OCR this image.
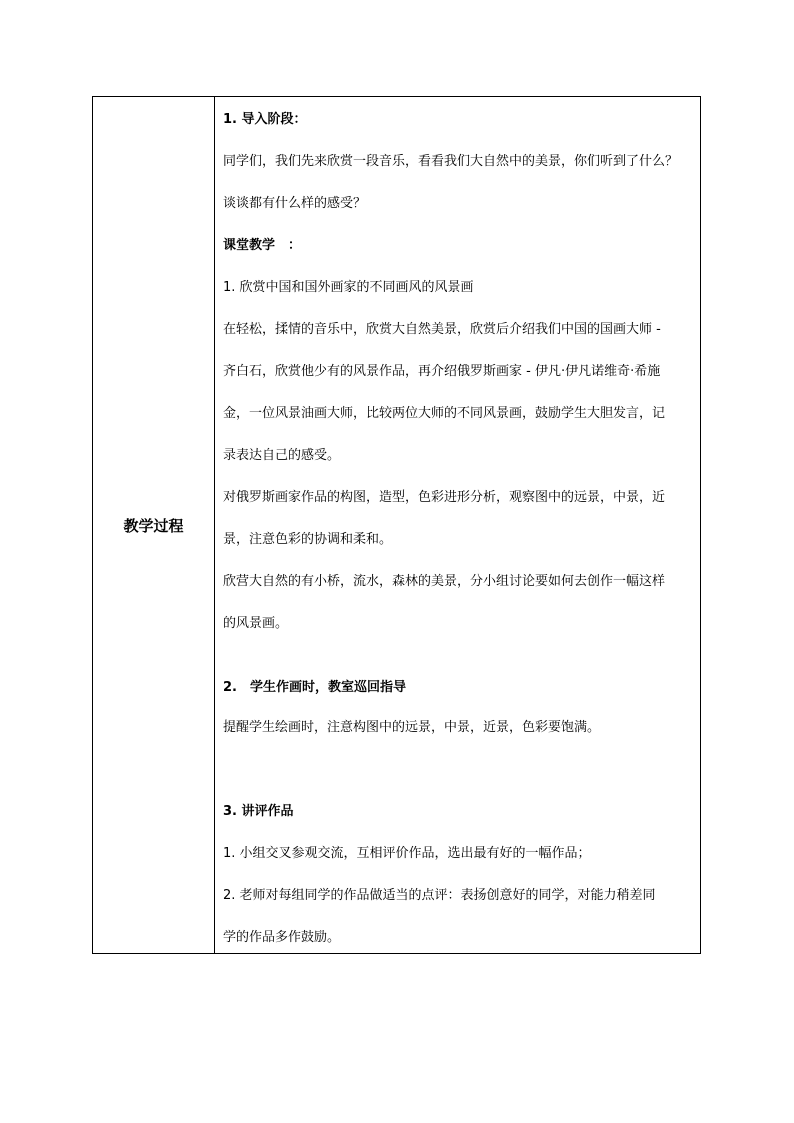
教学过程
1. 导入阶段：
同学们，我们先来欣赏一段音乐，看看我们大自然中的美景，你们听到了什么？
谈谈都有什么样的感受？
课堂教学　：
1. 欣赏中国和国外画家的不同画风的风景画
在轻松，揉情的音乐中，欣赏大自然美景，欣赏后介绍我们中国的国画大师 -
齐白石，欣赏他少有的风景作品，再介绍俄罗斯画家 - 伊凡·伊凡诺维奇·希施
金，一位风景油画大师，比较两位大师的不同风景画，鼓励学生大胆发言，记
录表达自己的感受。
对俄罗斯画家作品的构图，造型，色彩进形分析，观察图中的远景，中景，近
景，注意色彩的协调和柔和。
欣营大自然的有小桥，流水，森林的美景，分小组讨论要如何去创作一幅这样
的风景画。
2.　学生作画时，教室巡回指导
提醒学生绘画时，注意构图中的远景，中景，近景，色彩要饱满。
3. 讲评作品
1. 小组交叉参观交流，互相评价作品，选出最有好的一幅作品；
2. 老师对每组同学的作品做适当的点评：表扬创意好的同学，对能力稍差同
学的作品多作鼓励。
